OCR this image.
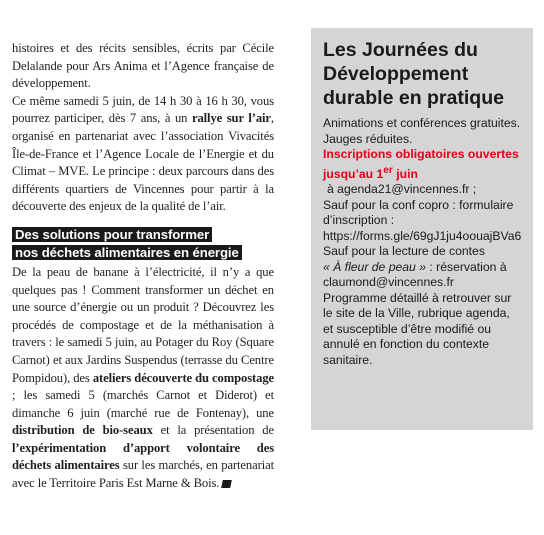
histoires et des récits sensibles, écrits par Cécile Delalande pour Ars Anima et l’Agence française de développement.

Ce même samedi 5 juin, de 14 h 30 à 16 h 30, vous pourrez participer, dès 7 ans, à un rallye sur l’air, organisé en partenariat avec l’association Vivacités Île-de-France et l’Agence Locale de l’Energie et du Climat – MVE. Le principe : deux parcours dans des différents quartiers de Vincennes pour partir à la découverte des enjeux de la qualité de l’air.

Des solutions pour transformer
nos déchets alimentaires en énergie

De la peau de banane à l’électricité, il n’y a que quelques pas ! Comment transformer un déchet en une source d’énergie ou un produit ? Découvrez les procédés de compostage et de la méthanisation à travers : le samedi 5 juin, au Potager du Roy (Square Carnot) et aux Jardins Suspendus (terrasse du Centre Pompidou), des ateliers découverte du compostage ; les samedi 5 (marchés Carnot et Diderot) et dimanche 6 juin (marché rue de Fontenay), une distribution de bio-seaux et la présentation de l’expérimentation d’apport volontaire des déchets alimentaires sur les marchés, en partenariat avec le Territoire Paris Est Marne & Bois.

Les Journées du Développement durable en pratique
Animations et conférences gratuites. Jauges réduites.
Inscriptions obligatoires ouvertes jusqu’au 1er juin
à agenda21@vincennes.fr ;
Sauf pour la conf copro : formulaire d’inscription : https://forms.gle/69gJ1ju4oouajBVa6
Sauf pour la lecture de contes
« À fleur de peau » : réservation à claumond@vincennes.fr
Programme détaillé à retrouver sur le site de la Ville, rubrique agenda, et susceptible d’être modifié ou annulé en fonction du contexte sanitaire.
